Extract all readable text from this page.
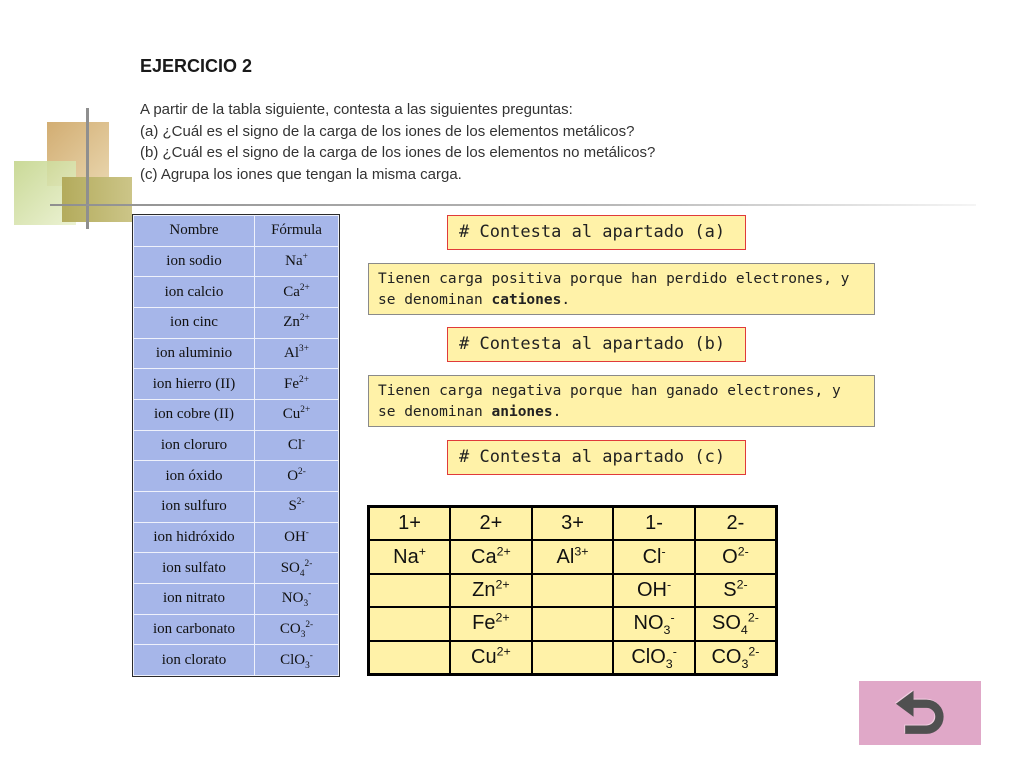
EJERCICIO 2
A partir de la tabla siguiente, contesta a las siguientes preguntas:
(a) ¿Cuál es el signo de la carga de los iones de los elementos metálicos?
(b) ¿Cuál es el signo de la carga de los iones de los elementos no metálicos?
(c) Agrupa los iones que tengan la misma carga.
Nombre	Fórmula
ion sodio	Na+
ion calcio	$Ca^{2+}$
ion cinc	$Zn^{2+}$
ion aluminio	$Al^{3+}$
ion hierro (II)	$Fe^{2+}$
ion cobre (II)	$Cu^{2+}$
ion cloruro	Cl-
ion óxido	$O^{2-}$
ion sulfuro	$S^{2-}$
ion hidróxido	OH-
ion sulfato	$SO_4^{2-}$
ion nitrato	$NO_3^-$
ion carbonato	$CO_3^{2-}$
ion clorato	ClO$_3$-
# Contesta al apartado (a)
Tienen carga positiva porque han perdido electrones, y
se denominan cationes.
# Contesta al apartado (b)
Tienen carga negativa porque han ganado electrones, y
se denominan aniones.
# Contesta al apartado (c)
1+	2+	3+	1-	2-
Na+	$Ca^{2+}$	$Al^{3+}$	Cl-	$O^{2-}$
	$Zn^{2+}$		OH-	$S^{2-}$
	$Fe^{2+}$		$NO_3^-$	$SO_4^{2-}$
	$Cu^{2+}$		ClO$_3$-	$CO_3^{2-}$
